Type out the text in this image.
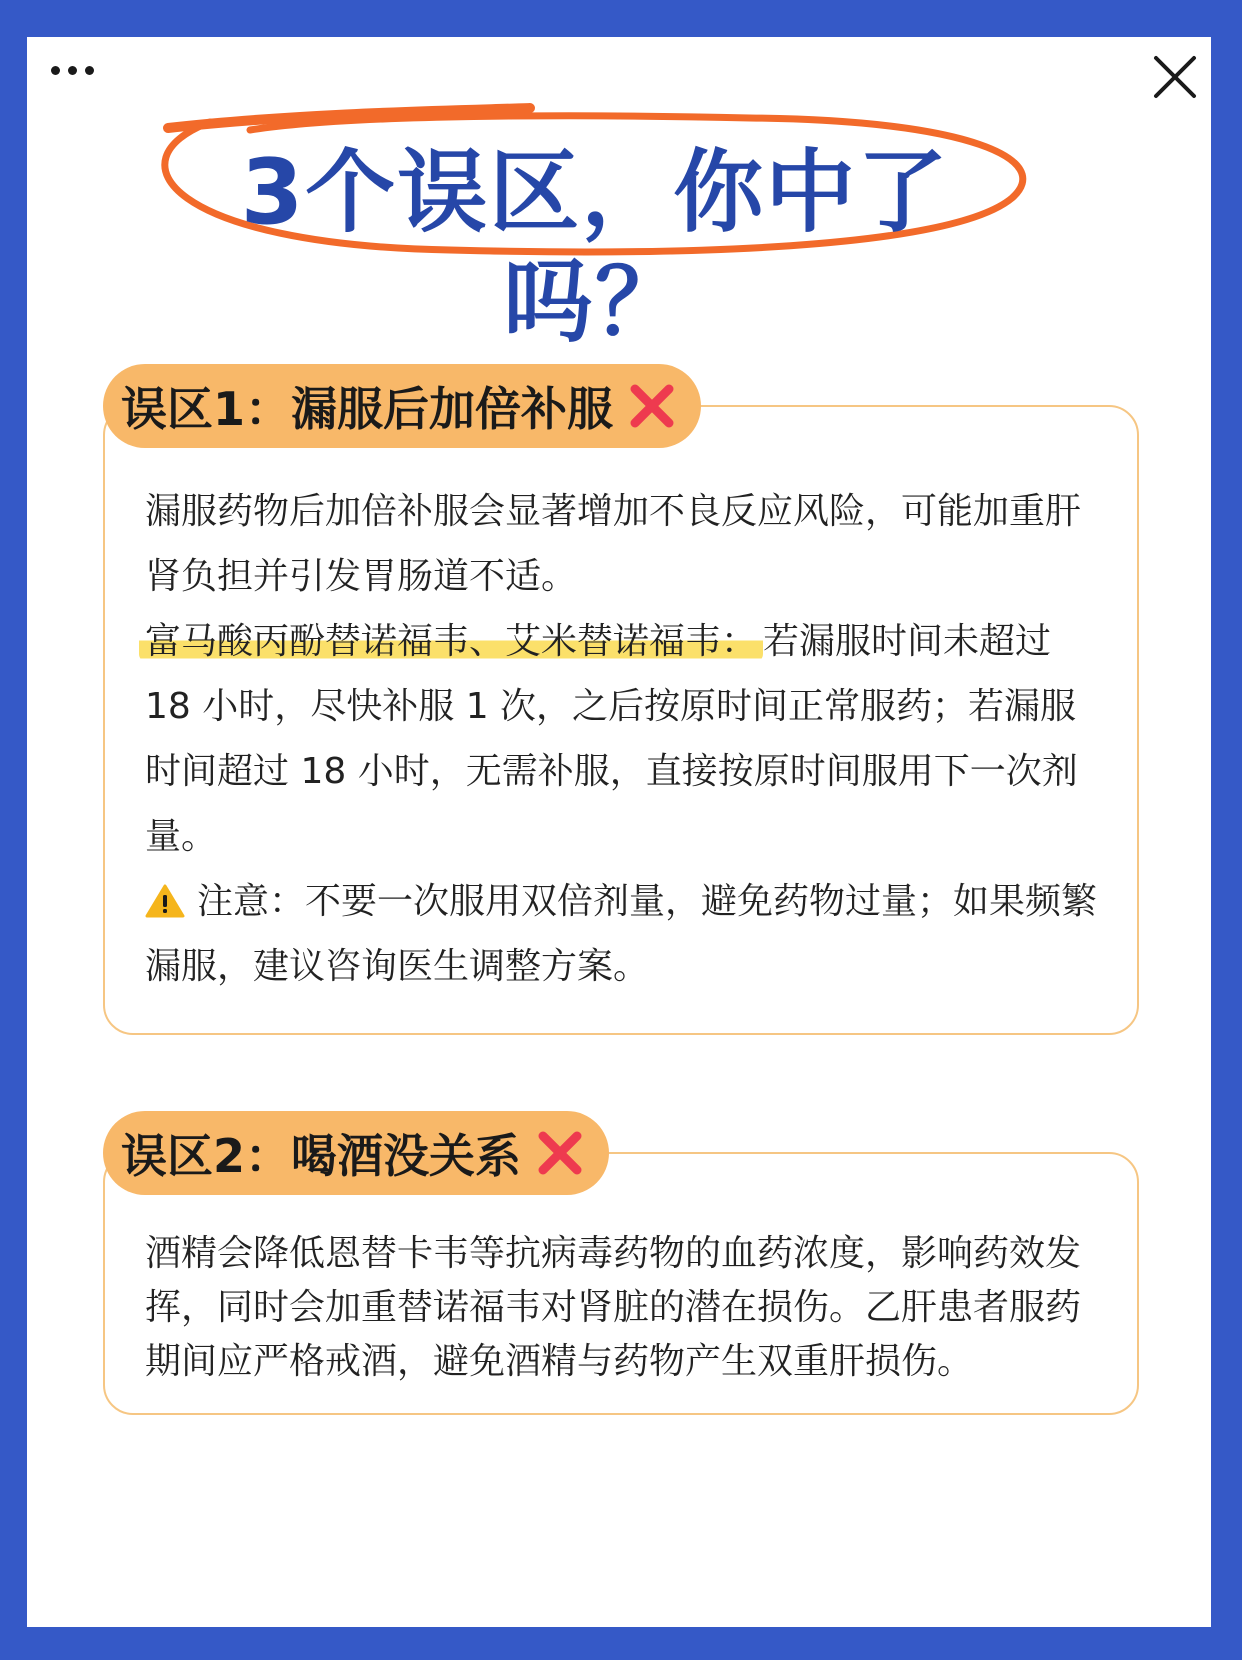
3个误区，你中了吗？
误区1：漏服后加倍补服

漏服药物后加倍补服会显著增加不良反应风险，可能加重肝肾负担并引发胃肠道不适。

富马酸丙酚替诺福韦、艾米替诺福韦： 若漏服时间未超过 18 小时，尽快补服 1 次，之后按原时间正常服药；若漏服时间超过 18 小时，无需补服，直接按原时间服用下一次剂量。

注意：不要一次服用双倍剂量，避免药物过量；如果频繁漏服，建议咨询医生调整方案。

误区2：喝酒没关系

酒精会降低恩替卡韦等抗病毒药物的血药浓度，影响药效发挥，同时会加重替诺福韦对肾脏的潜在损伤。乙肝患者服药期间应严格戒酒，避免酒精与药物产生双重肝损伤。
